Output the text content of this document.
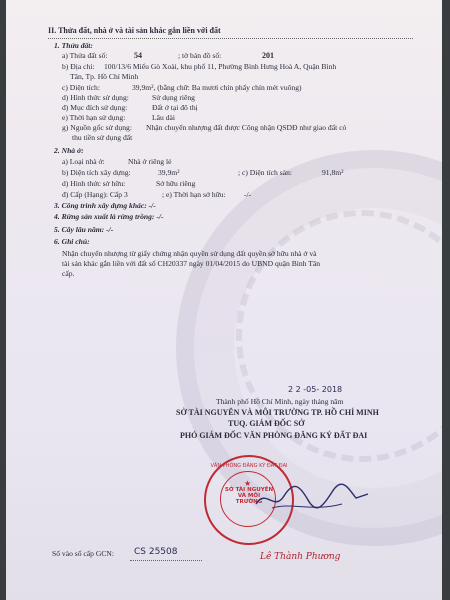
II. Thửa đất, nhà ở và tài sản khác gắn liền với đất
1. Thửa đất:
a) Thửa đất số:	54	; tờ bản đồ số:	201
b) Địa chỉ: 100/13/6 Miếu Gò Xoài, khu phố 11, Phường Bình Hưng Hoà A, Quận Bình
Tân, Tp. Hồ Chí Minh
c) Diện tích:	39,9m², (bằng chữ: Ba mươi chín phẩy chín mét vuông)
d) Hình thức sử dụng:	Sử dụng riêng
đ) Mục đích sử dụng:	Đất ở tại đô thị
e) Thời hạn sử dụng:	Lâu dài
g) Nguồn gốc sử dụng: Nhận chuyển nhượng đất được Công nhận QSDĐ như giao đất có
thu tiền sử dụng đất
2. Nhà ở:
a) Loại nhà ở:	Nhà ở riêng lẻ
b) Diện tích xây dựng:	39,9m²	; c) Diện tích sàn:	91,8m²
d) Hình thức sở hữu:	Sở hữu riêng
đ) Cấp (Hạng): Cấp 3	; e) Thời hạn sở hữu: -/-
3. Công trình xây dựng khác: -/-
4. Rừng sản xuất là rừng trồng: -/-
5. Cây lâu năm: -/-
6. Ghi chú:
Nhận chuyển nhượng từ giấy chứng nhận quyền sử dụng đất quyền sở hữu nhà ở và
tài sản khác gắn liền với đất số CH20337 ngày 01/04/2015 do UBND quận Bình Tân
cấp.
2 2 -05- 2018
Thành phố Hồ Chí Minh, ngày tháng năm
SỞ TÀI NGUYÊN VÀ MÔI TRƯỜNG TP. HỒ CHÍ MINH
TUQ. GIÁM ĐỐC SỞ
PHÓ GIÁM ĐỐC VĂN PHÒNG ĐĂNG KÝ ĐẤT ĐAI
VĂN PHÒNG ĐĂNG KÝ ĐẤT ĐAI
★
SỞ TÀI NGUYÊN VÀ MÔI TRƯỜNG
Lê Thành Phương
Số vào sổ cấp GCN: CS 25508
